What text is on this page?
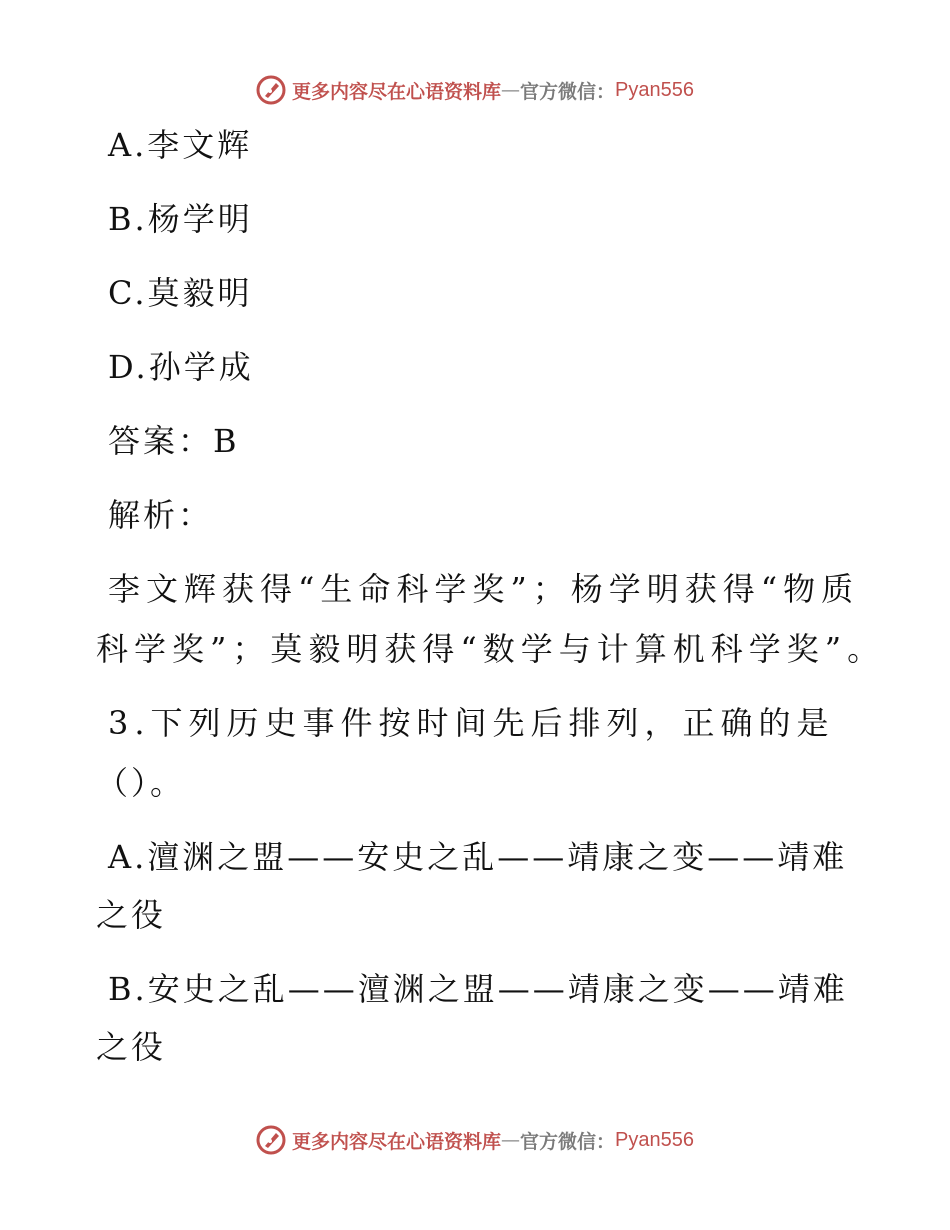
更多内容尽在心语资料库 — 官方微信： Pyan556
A.李文辉
B.杨学明
C.莫毅明
D.孙学成
答案：B
解析：
李文辉获得“生命科学奖”；杨学明获得“物质
科学奖”；莫毅明获得“数学与计算机科学奖”。
3.下列历史事件按时间先后排列，正确的是
（）。
A.澶渊之盟——安史之乱——靖康之变——靖难
之役
B.安史之乱——澶渊之盟——靖康之变——靖难
之役
更多内容尽在心语资料库 — 官方微信： Pyan556
